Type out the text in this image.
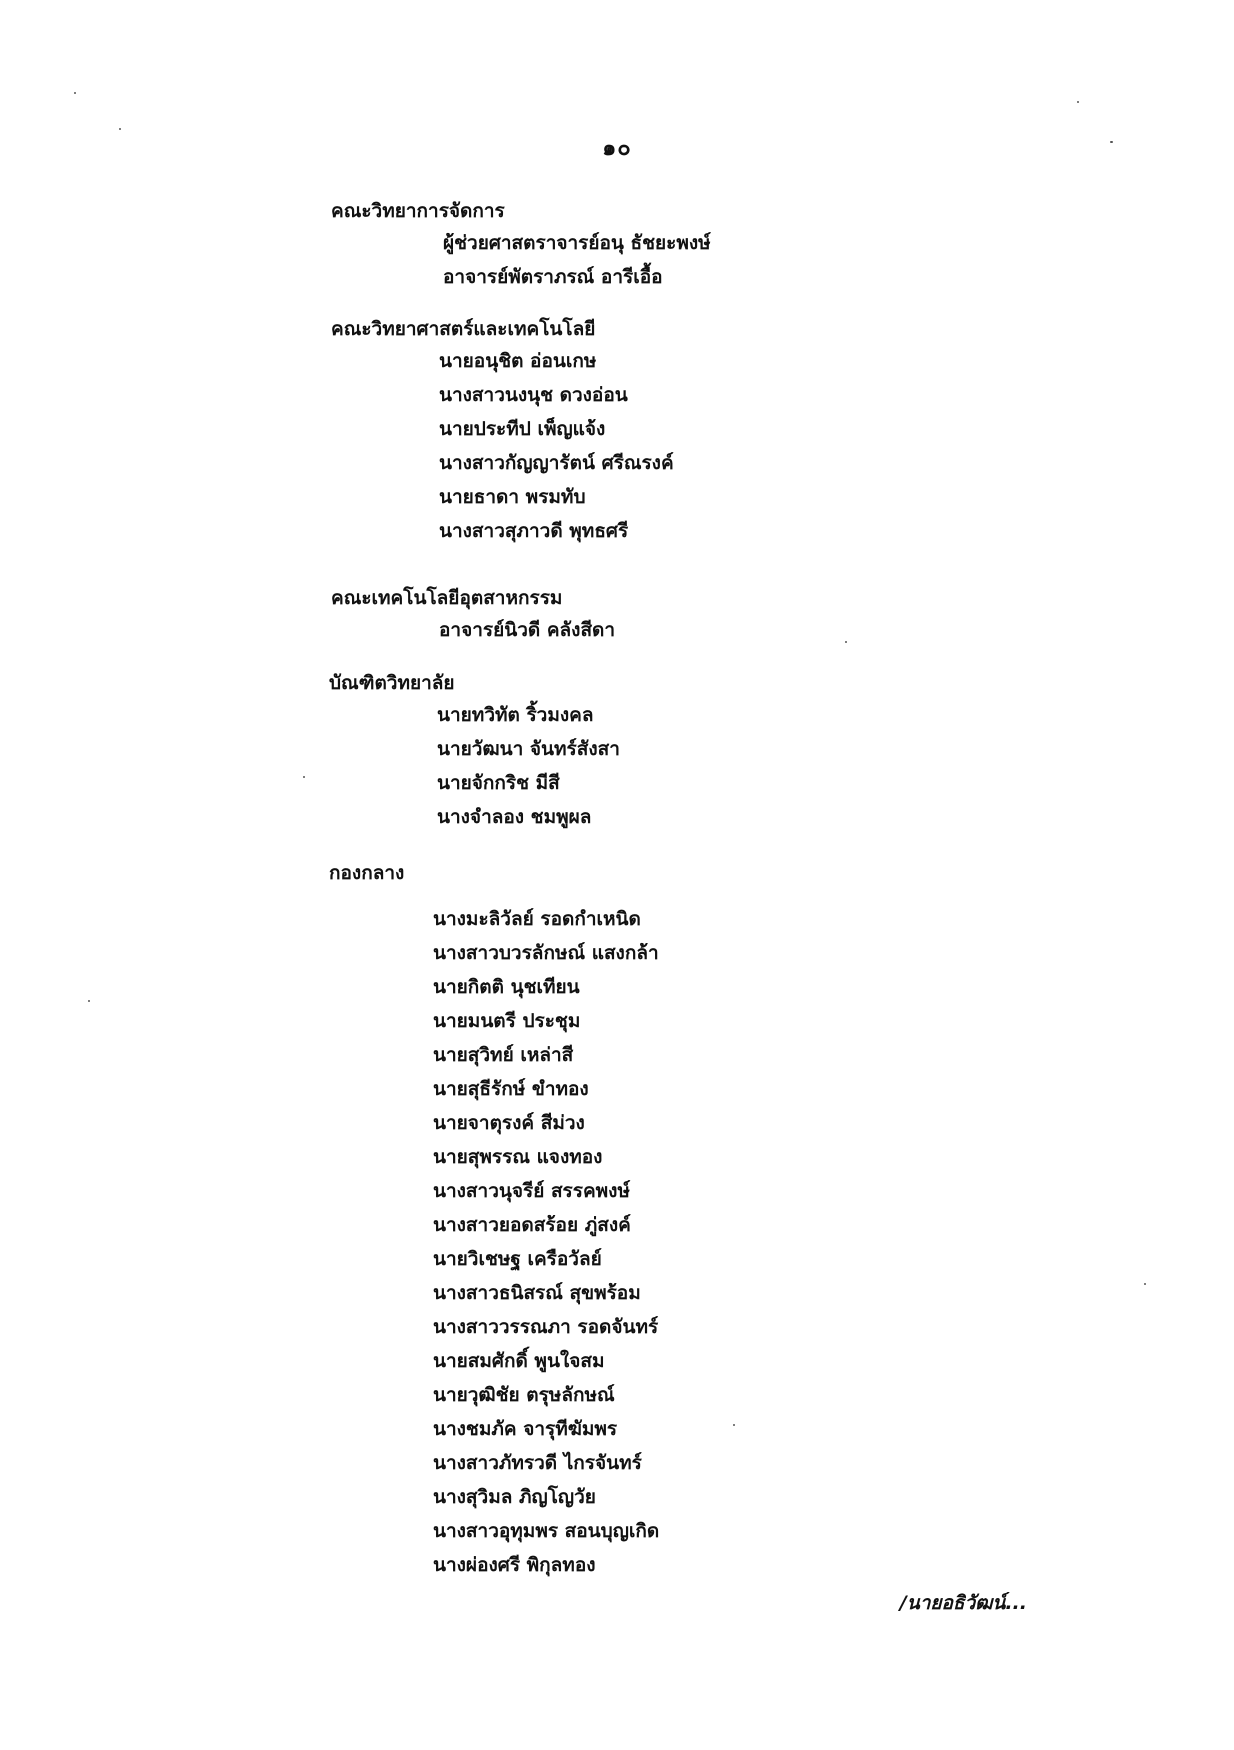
๑๐
คณะวิทยาการจัดการ
ผู้ช่วยศาสตราจารย์อนุ ธัชยะพงษ์
อาจารย์พัตราภรณ์ อารีเอื้อ
คณะวิทยาศาสตร์และเทคโนโลยี
นายอนุชิต อ่อนเกษ
นางสาวนงนุช ดวงอ่อน
นายประทีป เพ็ญแจ้ง
นางสาวกัญญารัตน์ ศรีณรงค์
นายธาดา พรมทับ
นางสาวสุภาวดี พุทธศรี
คณะเทคโนโลยีอุตสาหกรรม
อาจารย์นิวดี คลังสีดา
บัณฑิตวิทยาลัย
นายทวิทัต ริ้วมงคล
นายวัฒนา จันทร์สังสา
นายจักกริช มีสี
นางจำลอง ชมพูผล
กองกลาง
นางมะลิวัลย์ รอดกำเหนิด
นางสาวบวรลักษณ์ แสงกล้า
นายกิตติ นุชเทียน
นายมนตรี ประชุม
นายสุวิทย์ เหล่าสี
นายสุธีรักษ์ ขำทอง
นายจาตุรงค์ สีม่วง
นายสุพรรณ แจงทอง
นางสาวนุจรีย์ สรรคพงษ์
นางสาวยอดสร้อย ภู่สงค์
นายวิเชษฐ เครือวัลย์
นางสาวธนิสรณ์ สุขพร้อม
นางสาววรรณภา รอดจันทร์
นายสมศักดิ์ พูนใจสม
นายวุฒิชัย ตรุษลักษณ์
นางชมภัค จารุทีฆัมพร
นางสาวภัทรวดี ไกรจันทร์
นางสุวิมล ภิญโญวัย
นางสาวอุทุมพร สอนบุญเกิด
นางผ่องศรี พิกุลทอง
/นายอธิวัฒน์...
